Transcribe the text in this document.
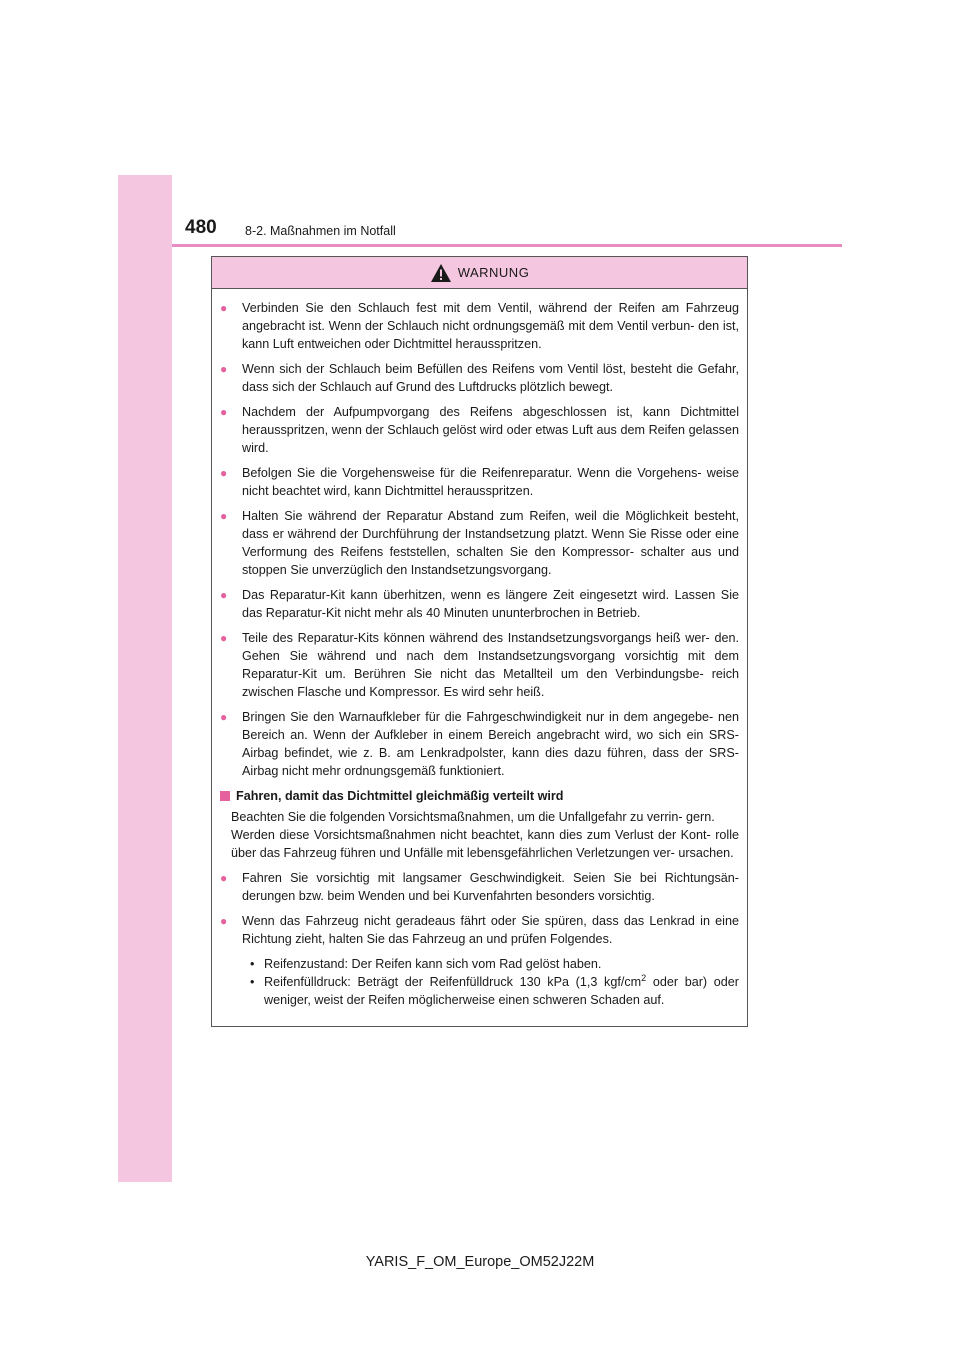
480 8-2. Maßnahmen im Notfall
WARNUNG
●	Verbinden Sie den Schlauch fest mit dem Ventil, während der Reifen am Fahrzeug angebracht ist. Wenn der Schlauch nicht ordnungsgemäß mit dem Ventil verbun- den ist, kann Luft entweichen oder Dichtmittel herausspritzen.
●	Wenn sich der Schlauch beim Befüllen des Reifens vom Ventil löst, besteht die Gefahr, dass sich der Schlauch auf Grund des Luftdrucks plötzlich bewegt.
●	Nachdem der Aufpumpvorgang des Reifens abgeschlossen ist, kann Dichtmittel herausspritzen, wenn der Schlauch gelöst wird oder etwas Luft aus dem Reifen gelassen wird.
●	Befolgen Sie die Vorgehensweise für die Reifenreparatur. Wenn die Vorgehens- weise nicht beachtet wird, kann Dichtmittel herausspritzen.
●	Halten Sie während der Reparatur Abstand zum Reifen, weil die Möglichkeit besteht, dass er während der Durchführung der Instandsetzung platzt. Wenn Sie Risse oder eine Verformung des Reifens feststellen, schalten Sie den Kompressor- schalter aus und stoppen Sie unverzüglich den Instandsetzungsvorgang.
●	Das Reparatur-Kit kann überhitzen, wenn es längere Zeit eingesetzt wird. Lassen Sie das Reparatur-Kit nicht mehr als 40 Minuten ununterbrochen in Betrieb.
●	Teile des Reparatur-Kits können während des Instandsetzungsvorgangs heiß wer- den. Gehen Sie während und nach dem Instandsetzungsvorgang vorsichtig mit dem Reparatur-Kit um. Berühren Sie nicht das Metallteil um den Verbindungsbe- reich zwischen Flasche und Kompressor. Es wird sehr heiß.
●	Bringen Sie den Warnaufkleber für die Fahrgeschwindigkeit nur in dem angegebe- nen Bereich an. Wenn der Aufkleber in einem Bereich angebracht wird, wo sich ein SRS-Airbag befindet, wie z. B. am Lenkradpolster, kann dies dazu führen, dass der SRS-Airbag nicht mehr ordnungsgemäß funktioniert.
Fahren, damit das Dichtmittel gleichmäßig verteilt wird
Beachten Sie die folgenden Vorsichtsmaßnahmen, um die Unfallgefahr zu verrin- gern.
Werden diese Vorsichtsmaßnahmen nicht beachtet, kann dies zum Verlust der Kont- rolle über das Fahrzeug führen und Unfälle mit lebensgefährlichen Verletzungen ver- ursachen.
●	Fahren Sie vorsichtig mit langsamer Geschwindigkeit. Seien Sie bei Richtungsän- derungen bzw. beim Wenden und bei Kurvenfahrten besonders vorsichtig.
●	Wenn das Fahrzeug nicht geradeaus fährt oder Sie spüren, dass das Lenkrad in eine Richtung zieht, halten Sie das Fahrzeug an und prüfen Folgendes.
• Reifenzustand: Der Reifen kann sich vom Rad gelöst haben.
• Reifenfülldruck: Beträgt der Reifenfülldruck 130 kPa (1,3 kgf/$cm^2$ oder bar) oder weniger, weist der Reifen möglicherweise einen schweren Schaden auf.
YARIS_F_OM_Europe_OM52J22M
